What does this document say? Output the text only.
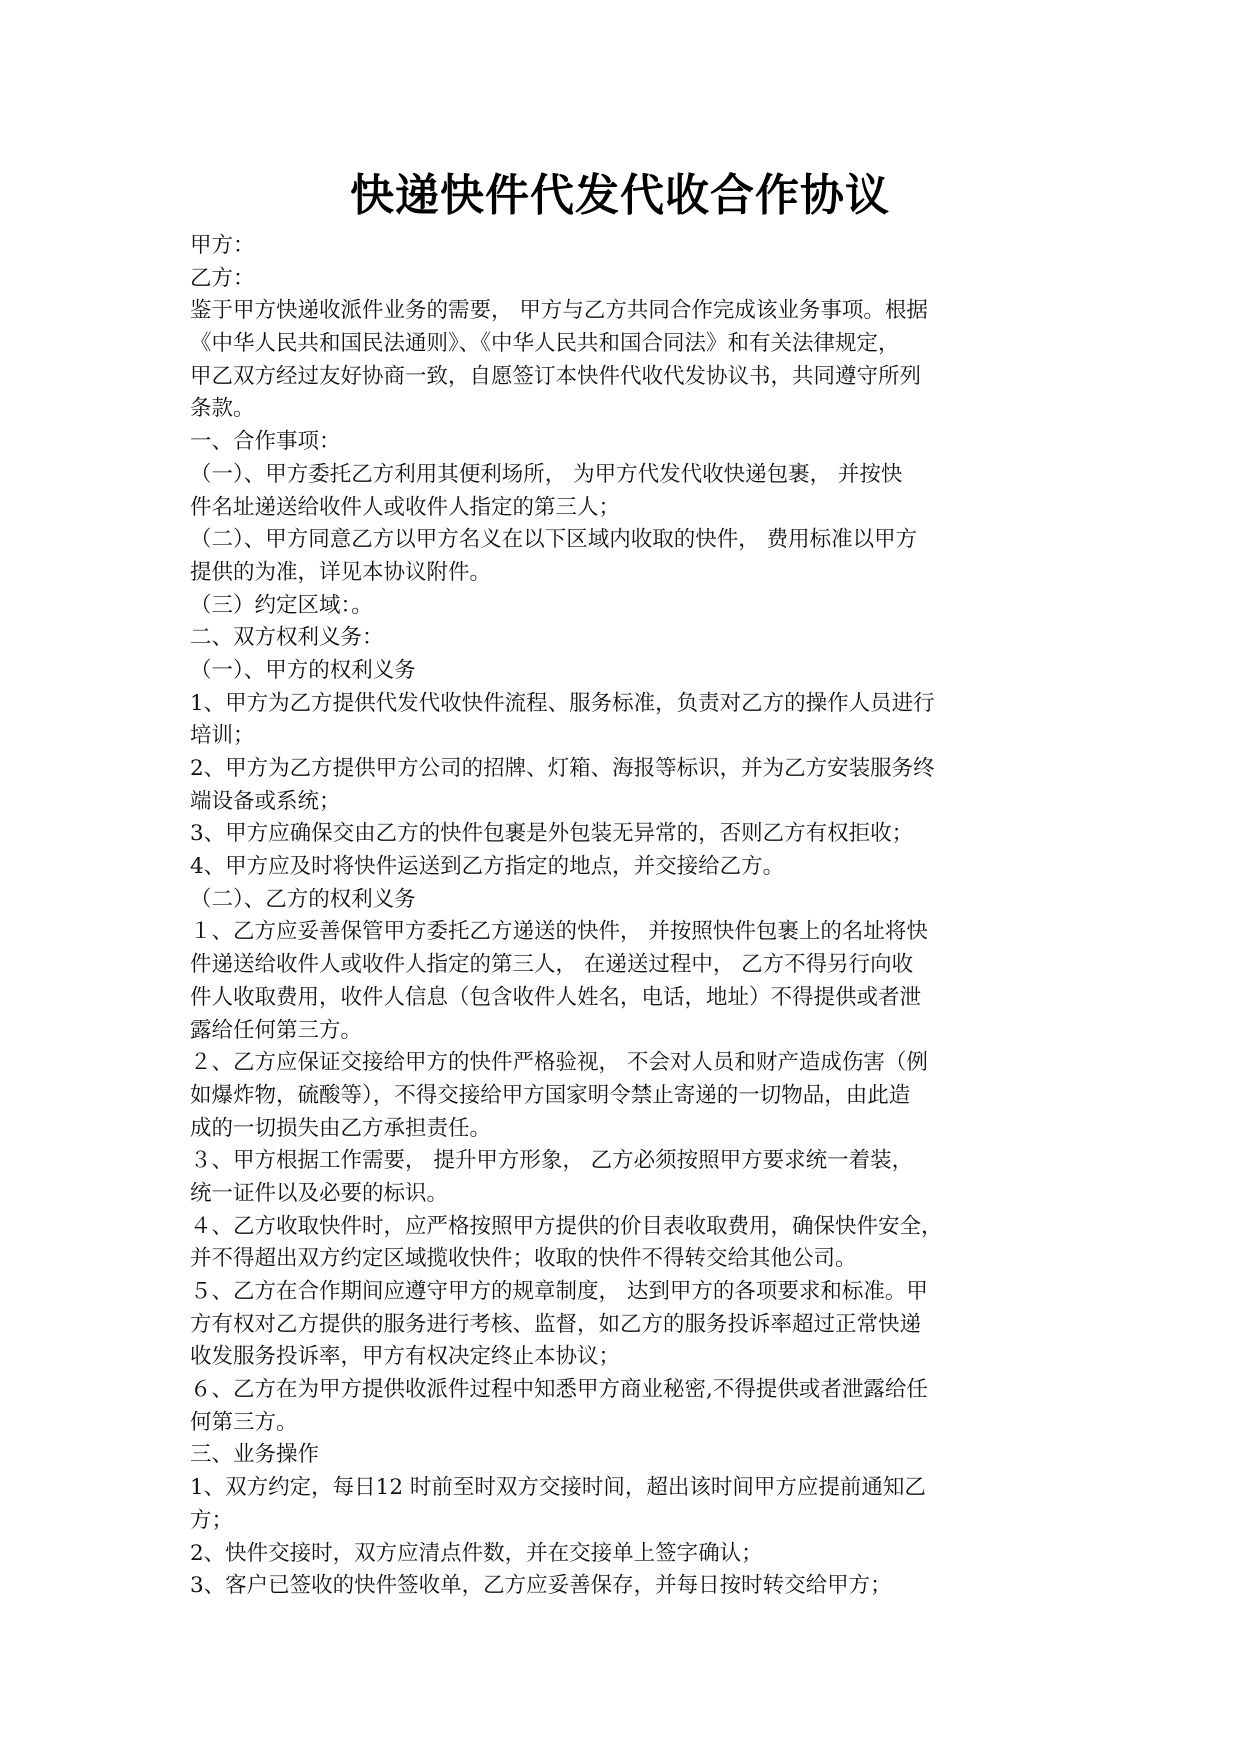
快递快件代发代收合作协议
甲方：
乙方：
鉴于甲方快递收派件业务的需要， 甲方与乙方共同合作完成该业务事项。根据
《中华人民共和国民法通则》、《中华人民共和国合同法》和有关法律规定，
甲乙双方经过友好协商一致，自愿签订本快件代收代发协议书，共同遵守所列
条款。
一、合作事项：
（一）、甲方委托乙方利用其便利场所， 为甲方代发代收快递包裹， 并按快
件名址递送给收件人或收件人指定的第三人；
（二）、甲方同意乙方以甲方名义在以下区域内收取的快件， 费用标准以甲方
提供的为准，详见本协议附件。
（三）约定区域：。
二、双方权利义务：
（一）、甲方的权利义务
1、甲方为乙方提供代发代收快件流程、服务标准，负责对乙方的操作人员进行
培训；
2、甲方为乙方提供甲方公司的招牌、灯箱、海报等标识，并为乙方安装服务终
端设备或系统；
3、甲方应确保交由乙方的快件包裹是外包装无异常的，否则乙方有权拒收；
4、甲方应及时将快件运送到乙方指定的地点，并交接给乙方。
（二）、乙方的权利义务
１、乙方应妥善保管甲方委托乙方递送的快件， 并按照快件包裹上的名址将快
件递送给收件人或收件人指定的第三人， 在递送过程中， 乙方不得另行向收
件人收取费用，收件人信息（包含收件人姓名，电话，地址）不得提供或者泄
露给任何第三方。
２、乙方应保证交接给甲方的快件严格验视， 不会对人员和财产造成伤害（例
如爆炸物，硫酸等），不得交接给甲方国家明令禁止寄递的一切物品，由此造
成的一切损失由乙方承担责任。
３、甲方根据工作需要， 提升甲方形象， 乙方必须按照甲方要求统一着装，
统一证件以及必要的标识。
４、乙方收取快件时，应严格按照甲方提供的价目表收取费用，确保快件安全，
并不得超出双方约定区域揽收快件；收取的快件不得转交给其他公司。
５、乙方在合作期间应遵守甲方的规章制度， 达到甲方的各项要求和标准。甲
方有权对乙方提供的服务进行考核、监督，如乙方的服务投诉率超过正常快递
收发服务投诉率，甲方有权决定终止本协议；
６、乙方在为甲方提供收派件过程中知悉甲方商业秘密,不得提供或者泄露给任
何第三方。
三、业务操作
1、双方约定，每日12 时前至时双方交接时间，超出该时间甲方应提前通知乙
方；
2、快件交接时，双方应清点件数，并在交接单上签字确认；
3、客户已签收的快件签收单，乙方应妥善保存，并每日按时转交给甲方；
